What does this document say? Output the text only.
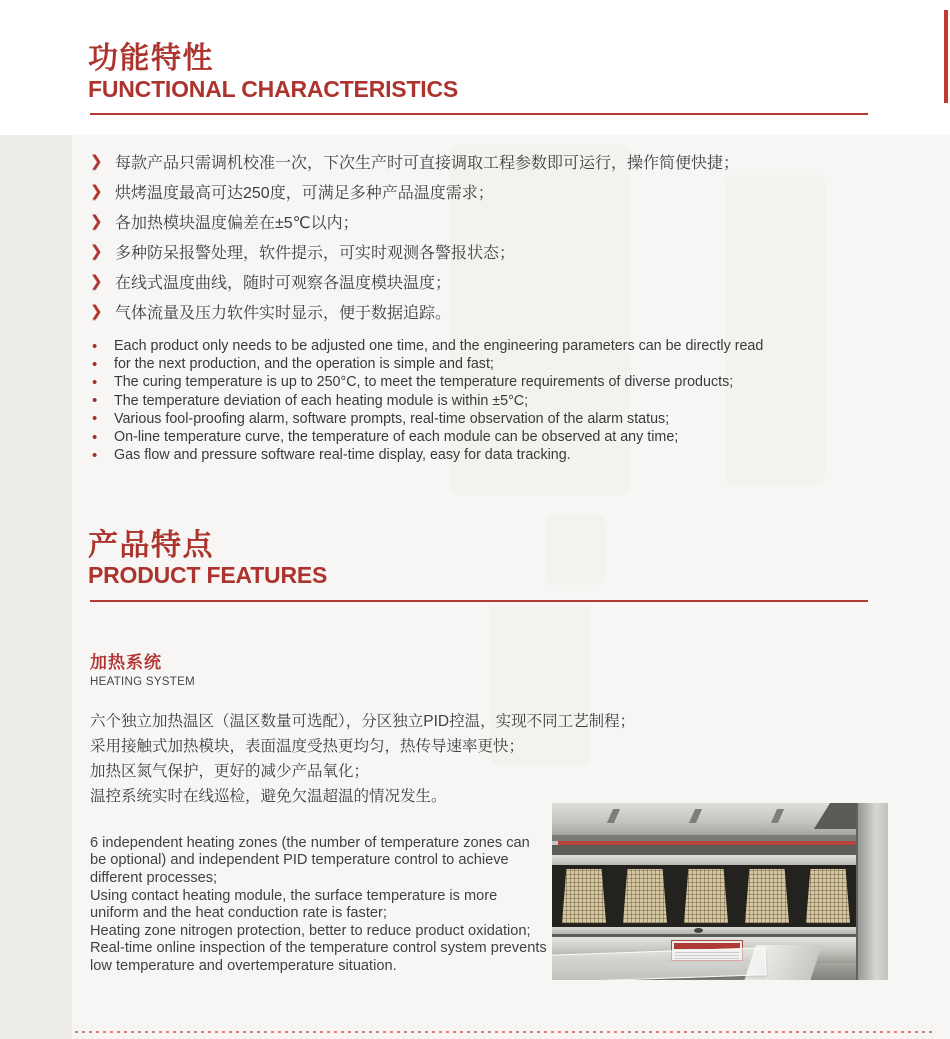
功能特性
FUNCTIONAL CHARACTERISTICS
❯ 每款产品只需调机校准一次，下次生产时可直接调取工程参数即可运行，操作简便快捷；
❯ 烘烤温度最高可达250度，可满足多种产品温度需求；
❯ 各加热模块温度偏差在±5℃以内；
❯ 多种防呆报警处理，软件提示，可实时观测各警报状态；
❯ 在线式温度曲线，随时可观察各温度模块温度；
❯ 气体流量及压力软件实时显示，便于数据追踪。
•	Each product only needs to be adjusted one time, and the engineering parameters can be directly read
•	for the next production, and the operation is simple and fast;
•	The curing temperature is up to 250°C, to meet the temperature requirements of diverse products;
•	The temperature deviation of each heating module is within ±5°C;
•	Various fool-proofing alarm, software prompts, real-time observation of the alarm status;
•	On-line temperature curve, the temperature of each module can be observed at any time;
•	Gas flow and pressure software real-time display, easy for data tracking.
产品特点
PRODUCT FEATURES
加热系统
HEATING SYSTEM
六个独立加热温区（温区数量可选配），分区独立PID控温，实现不同工艺制程；
采用接触式加热模块，表面温度受热更均匀，热传导速率更快；
加热区氮气保护，更好的减少产品氧化；
温控系统实时在线巡检，避免欠温超温的情况发生。
6 independent heating zones (the number of temperature zones can
be optional) and independent PID temperature control to achieve
different processes;
Using contact heating module, the surface temperature is more
uniform and the heat conduction rate is faster;
Heating zone nitrogen protection, better to reduce product oxidation;
Real-time online inspection of the temperature control system prevents
low temperature and overtemperature situation.
